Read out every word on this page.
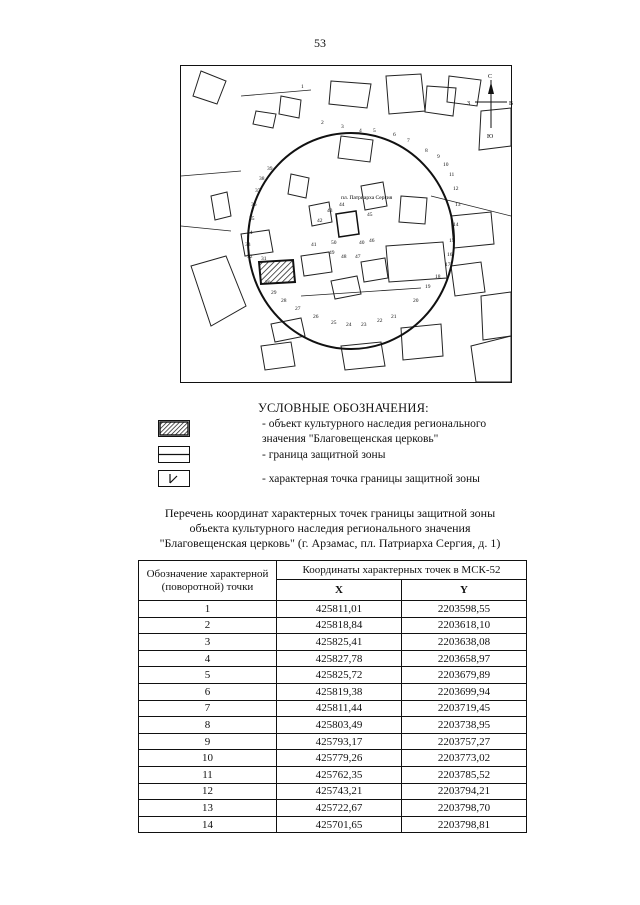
53
пл. Патриарха Сергия
С
Ю
З	В
1
2
3
4 5
6
7
8
9
10
11
12
13
14
15
16
17
18
19
20
21
22
23
24
25
26
27
28
29
30
31
32
33
34
35
36
37
38
39
40
41
42
43
44
45
46
47
48
49
50
УСЛОВНЫЕ ОБОЗНАЧЕНИЯ:
- объект культурного наследия регионального
значения "Благовещенская церковь"
- граница защитной зоны
- характерная точка границы защитной зоны
Перечень координат характерных точек границы защитной зоны
объекта культурного наследия регионального значения
"Благовещенская церковь" (г. Арзамас, пл. Патриарха Сергия, д. 1)
Обозначение характерной (поворотной) точки	Координаты характерных точек в МСК-52	
	X	Y
1	425811,01	2203598,55
2	425818,84	2203618,10
3	425825,41	2203638,08
4	425827,78	2203658,97
5	425825,72	2203679,89
6	425819,38	2203699,94
7	425811,44	2203719,45
8	425803,49	2203738,95
9	425793,17	2203757,27
10	425779,26	2203773,02
11	425762,35	2203785,52
12	425743,21	2203794,21
13	425722,67	2203798,70
14	425701,65	2203798,81
